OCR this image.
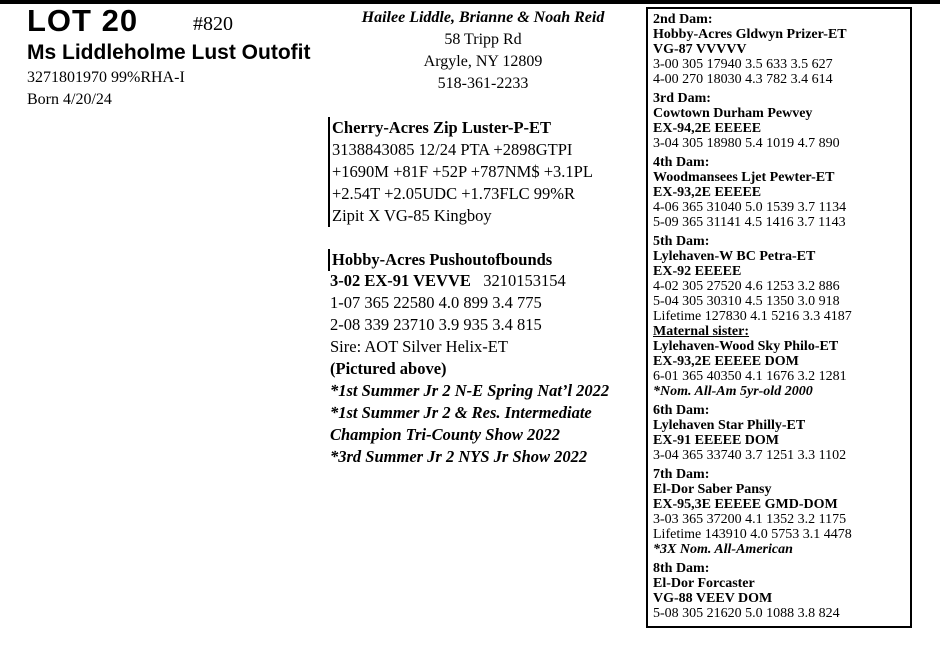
LOT 20	#820
Ms Liddleholme Lust Outofit
3271801970 99%RHA-I
Born 4/20/24
Hailee Liddle, Brianne & Noah Reid
58 Tripp Rd
Argyle, NY 12809
518-361-2233
Cherry-Acres Zip Luster-P-ET
3138843085 12/24 PTA +2898GTPI
+1690M +81F +52P +787NM$ +3.1PL
+2.54T +2.05UDC +1.73FLC 99%R
Zipit X VG-85 Kingboy
Hobby-Acres Pushoutofbounds
3-02 EX-91 VEVVE 3210153154
1-07 365 22580 4.0 899 3.4 775
2-08 339 23710 3.9 935 3.4 815
Sire: AOT Silver Helix-ET
(Pictured above)
*1st Summer Jr 2 N-E Spring Nat’l 2022
*1st Summer Jr 2 & Res. Intermediate
Champion Tri-County Show 2022
*3rd Summer Jr 2 NYS Jr Show 2022
2nd Dam:
Hobby-Acres Gldwyn Prizer-ET
VG-87 VVVVV
3-00 305 17940 3.5 633 3.5 627
4-00 270 18030 4.3 782 3.4 614
3rd Dam:
Cowtown Durham Pewvey
EX-94,2E EEEEE
3-04 305 18980 5.4 1019 4.7 890
4th Dam:
Woodmansees Ljet Pewter-ET
EX-93,2E EEEEE
4-06 365 31040 5.0 1539 3.7 1134
5-09 365 31141 4.5 1416 3.7 1143
5th Dam:
Lylehaven-W BC Petra-ET
EX-92 EEEEE
4-02 305 27520 4.6 1253 3.2 886
5-04 305 30310 4.5 1350 3.0 918
Lifetime 127830 4.1 5216 3.3 4187
Maternal sister:
Lylehaven-Wood Sky Philo-ET
EX-93,2E EEEEE DOM
6-01 365 40350 4.1 1676 3.2 1281
*Nom. All-Am 5yr-old 2000
6th Dam:
Lylehaven Star Philly-ET
EX-91 EEEEE DOM
3-04 365 33740 3.7 1251 3.3 1102
7th Dam:
El-Dor Saber Pansy
EX-95,3E EEEEE GMD-DOM
3-03 365 37200 4.1 1352 3.2 1175
Lifetime 143910 4.0 5753 3.1 4478
*3X Nom. All-American
8th Dam:
El-Dor Forcaster
VG-88 VEEV DOM
5-08 305 21620 5.0 1088 3.8 824
